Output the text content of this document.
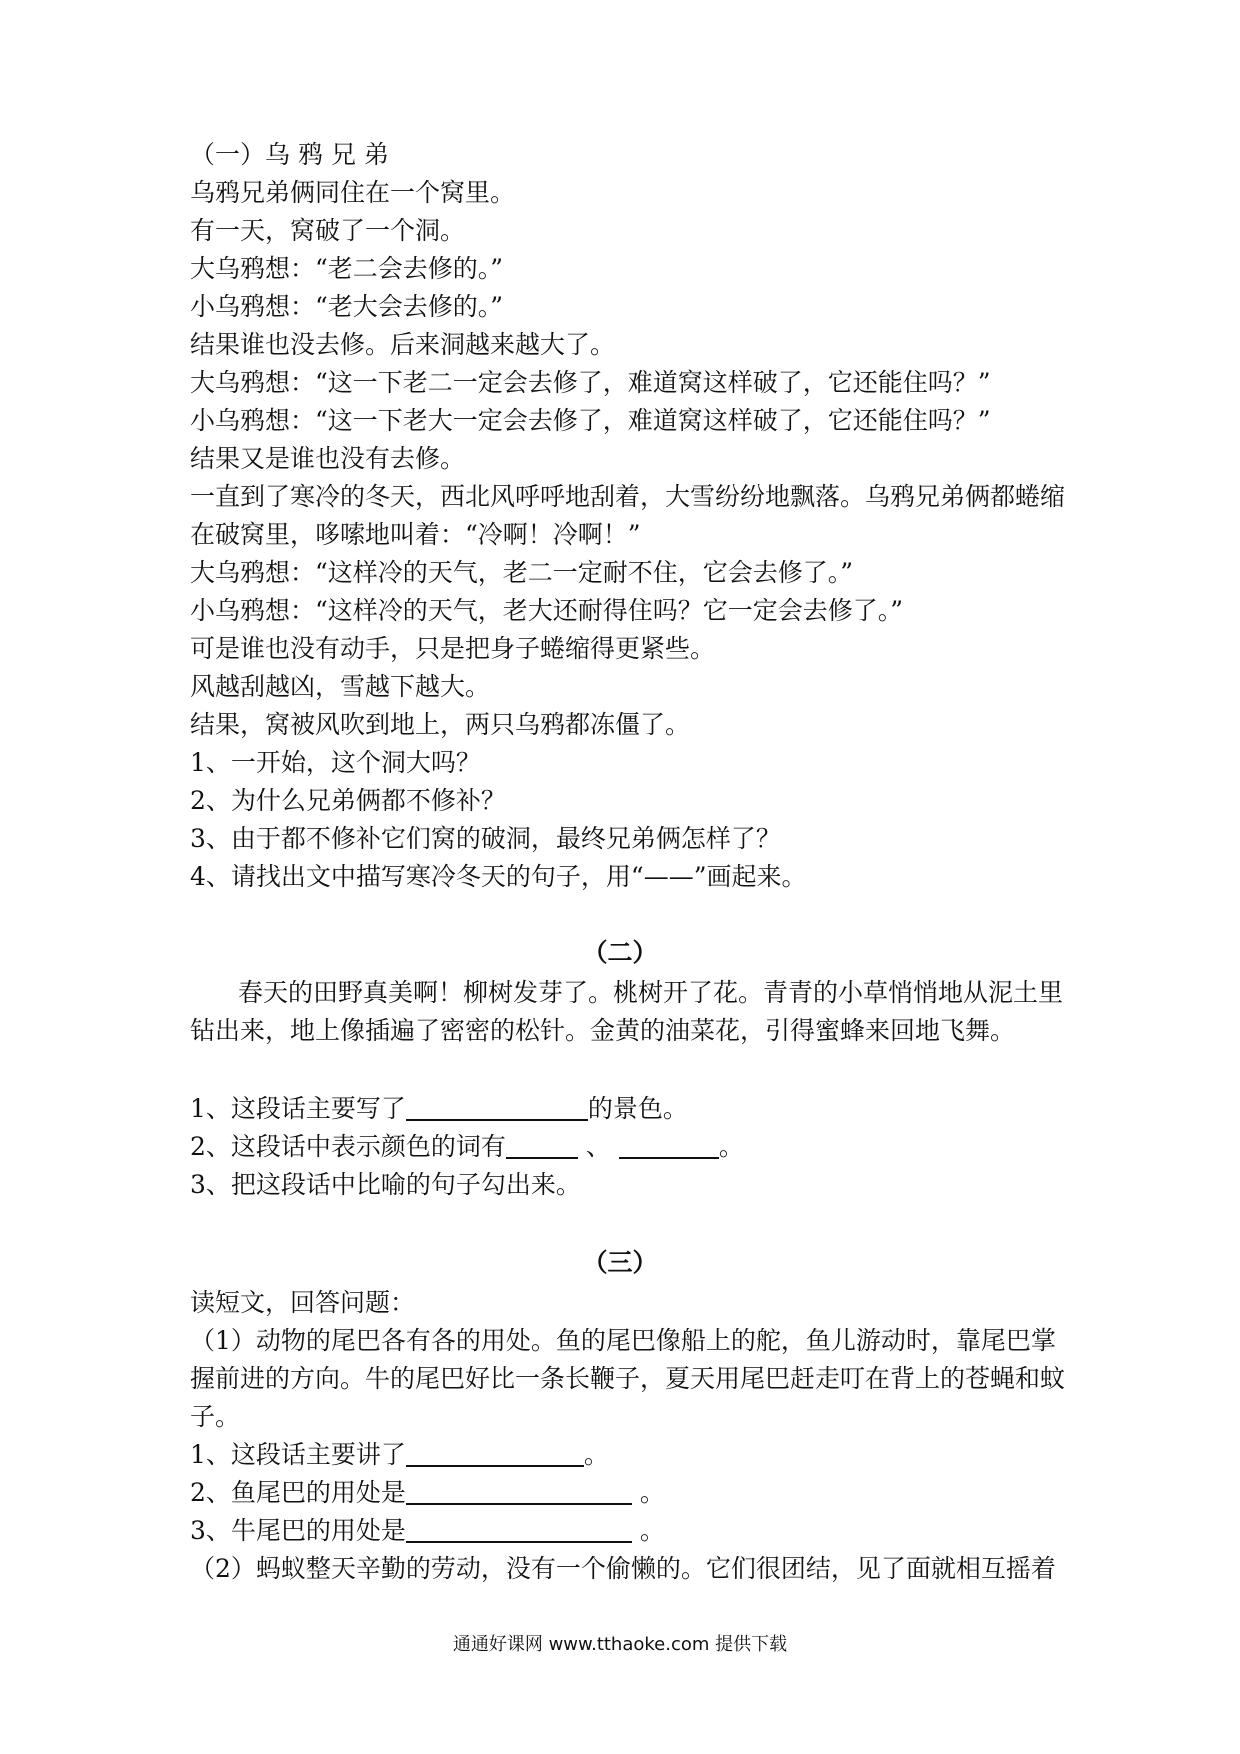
（一）乌 鸦 兄 弟
乌鸦兄弟俩同住在一个窝里。
有一天，窝破了一个洞。
大乌鸦想：“老二会去修的。”
小乌鸦想：“老大会去修的。”
结果谁也没去修。后来洞越来越大了。
大乌鸦想：“这一下老二一定会去修了，难道窝这样破了，它还能住吗？”
小乌鸦想：“这一下老大一定会去修了，难道窝这样破了，它还能住吗？”
结果又是谁也没有去修。
一直到了寒冷的冬天，西北风呼呼地刮着，大雪纷纷地飘落。乌鸦兄弟俩都蜷缩
在破窝里，哆嗦地叫着：“冷啊！冷啊！”
大乌鸦想：“这样冷的天气，老二一定耐不住，它会去修了。”
小乌鸦想：“这样冷的天气，老大还耐得住吗？它一定会去修了。”
可是谁也没有动手，只是把身子蜷缩得更紧些。
风越刮越凶，雪越下越大。
结果，窝被风吹到地上，两只乌鸦都冻僵了。
1、一开始，这个洞大吗？
2、为什么兄弟俩都不修补？
3、由于都不修补它们窝的破洞，最终兄弟俩怎样了？
4、请找出文中描写寒冷冬天的句子，用“——”画起来。
（二）
春天的田野真美啊！柳树发芽了。桃树开了花。青青的小草悄悄地从泥土里
钻出来，地上像插遍了密密的松针。金黄的油菜花，引得蜜蜂来回地飞舞。
1、这段话主要写了	的景色。
2、这段话中表示颜色的词有	、	。
3、把这段话中比喻的句子勾出来。
（三）
读短文，回答问题：
（1）动物的尾巴各有各的用处。鱼的尾巴像船上的舵，鱼儿游动时，靠尾巴掌
握前进的方向。牛的尾巴好比一条长鞭子，夏天用尾巴赶走叮在背上的苍蝇和蚊
子。
1、这段话主要讲了	。
2、鱼尾巴的用处是	。
3、牛尾巴的用处是	。
（2）蚂蚁整天辛勤的劳动，没有一个偷懒的。它们很团结，见了面就相互摇着
通通好课网 www.tthaoke.com 提供下载
